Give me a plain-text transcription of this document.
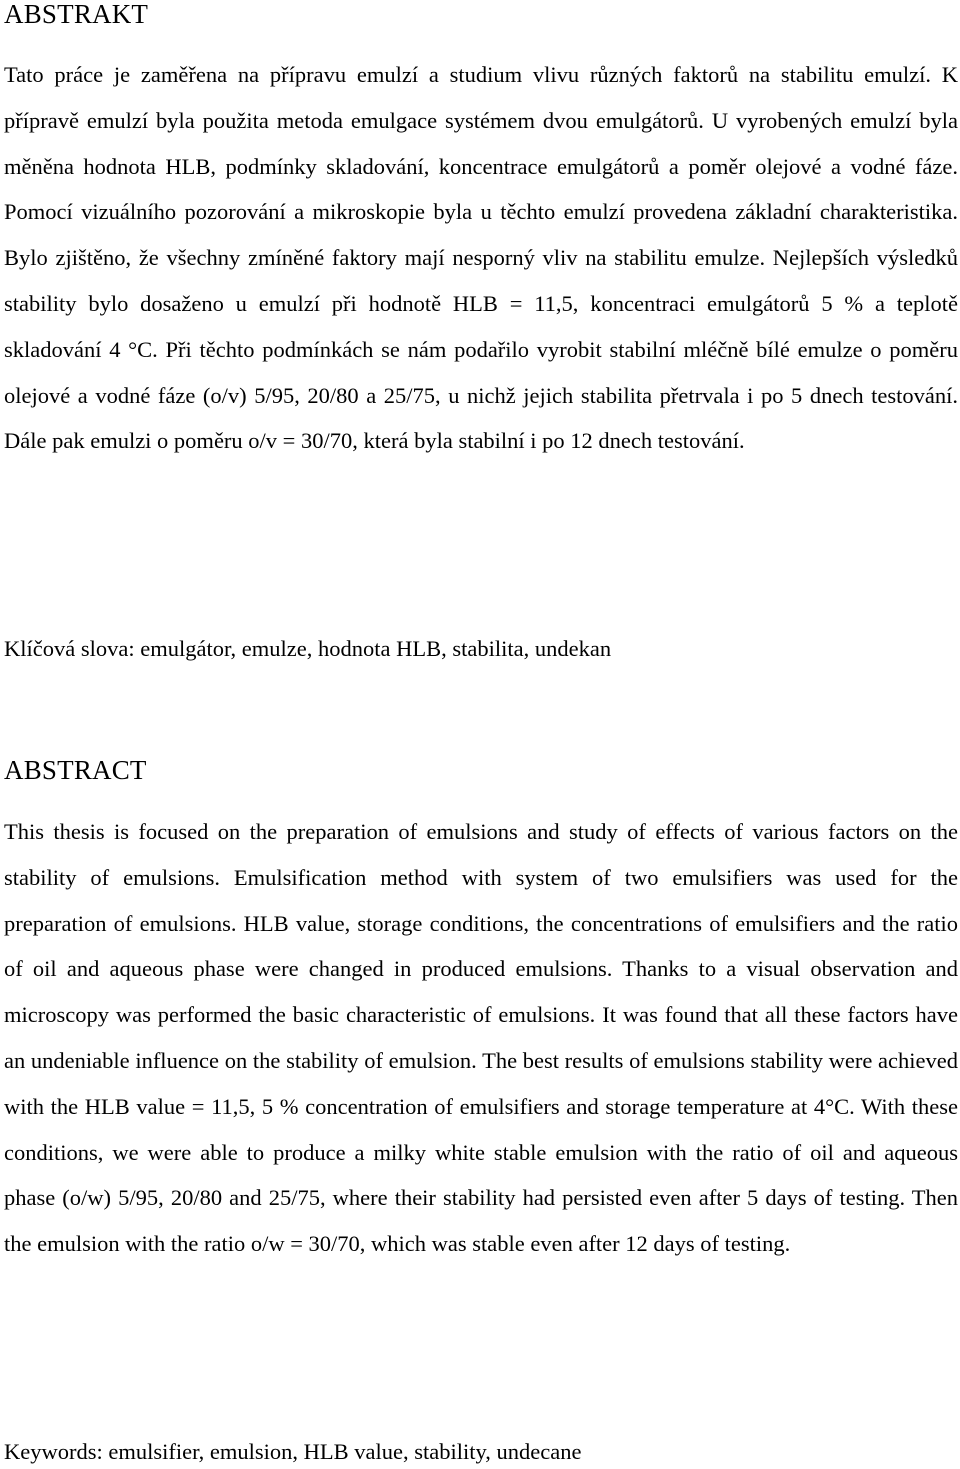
ABSTRAKT

Tato práce je zaměřena na přípravu emulzí a studium vlivu různých faktorů na stabilitu emulzí. K přípravě emulzí byla použita metoda emulgace systémem dvou emulgátorů. U vyrobených emulzí byla měněna hodnota HLB, podmínky skladování, koncentrace emulgátorů a poměr olejové a vodné fáze. Pomocí vizuálního pozorování a mikroskopie byla u těchto emulzí provedena základní charakteristika. Bylo zjištěno, že všechny zmíněné faktory mají nesporný vliv na stabilitu emulze. Nejlepších výsledků stability bylo dosaženo u emulzí při hodnotě HLB = 11,5, koncentraci emulgátorů 5 % a teplotě skladování 4 °C. Při těchto podmínkách se nám podařilo vyrobit stabilní mléčně bílé emulze o poměru olejové a vodné fáze (o/v) 5/95, 20/80 a 25/75, u nichž jejich stabilita přetrvala i po 5 dnech testování. Dále pak emulzi o poměru o/v = 30/70, která byla stabilní i po 12 dnech testování.

Klíčová slova: emulgátor, emulze, hodnota HLB, stabilita, undekan

ABSTRACT

This thesis is focused on the preparation of emulsions and study of effects of various factors on the stability of emulsions. Emulsification method with system of two emulsifiers was used for the preparation of emulsions. HLB value, storage conditions, the concentrations of emulsifiers and the ratio of oil and aqueous phase were changed in produced emulsions. Thanks to a visual observation and microscopy was performed the basic characteristic of emulsions. It was found that all these factors have an undeniable influence on the stability of emulsion. The best results of emulsions stability were achieved with the HLB value = 11,5, 5 % concentration of emulsifiers and storage temperature at 4°C. With these conditions, we were able to produce a milky white stable emulsion with the ratio of oil and aqueous phase (o/w) 5/95, 20/80 and 25/75, where their stability had persisted even after 5 days of testing. Then the emulsion with the ratio o/w = 30/70, which was stable even after 12 days of testing.

Keywords: emulsifier, emulsion, HLB value, stability, undecane
